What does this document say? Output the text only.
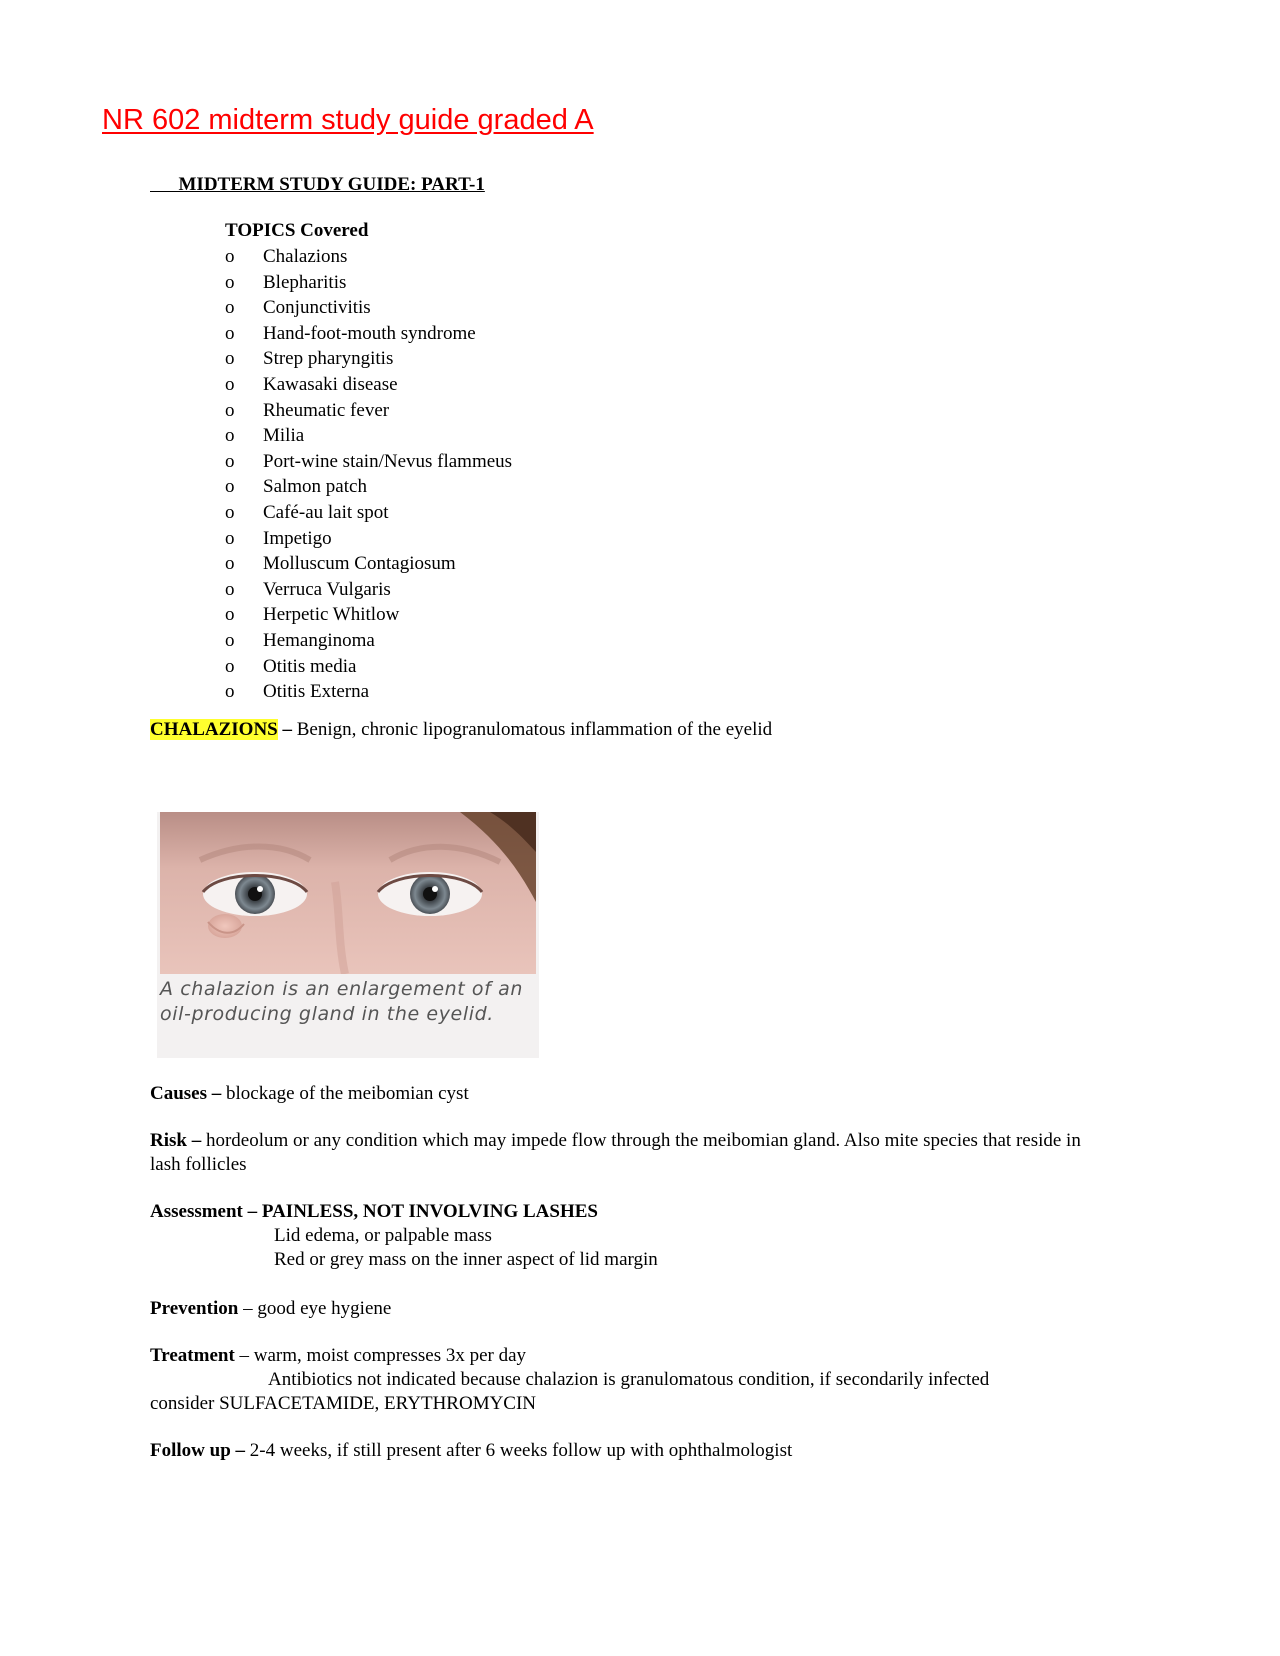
NR 602 midterm study guide graded A
MIDTERM STUDY GUIDE: PART-1
TOPICS Covered
o Chalazions
o Blepharitis
o Conjunctivitis
o Hand-foot-mouth syndrome
o Strep pharyngitis
o Kawasaki disease
o Rheumatic fever
o Milia
o Port-wine stain/Nevus flammeus
o Salmon patch
o Café-au lait spot
o Impetigo
o Molluscum Contagiosum
o Verruca Vulgaris
o Herpetic Whitlow
o Hemanginoma
o Otitis media
o Otitis Externa

CHALAZIONS – Benign, chronic lipogranulomatous inflammation of the eyelid

A chalazion is an enlargement of an oil-producing gland in the eyelid.

Causes – blockage of the meibomian cyst

Risk – hordeolum or any condition which may impede flow through the meibomian gland. Also mite species that reside in lash follicles

Assessment – PAINLESS, NOT INVOLVING LASHES
Lid edema, or palpable mass
Red or grey mass on the inner aspect of lid margin

Prevention – good eye hygiene

Treatment – warm, moist compresses 3x per day
Antibiotics not indicated because chalazion is granulomatous condition, if secondarily infected
consider SULFACETAMIDE, ERYTHROMYCIN

Follow up – 2-4 weeks, if still present after 6 weeks follow up with ophthalmologist
